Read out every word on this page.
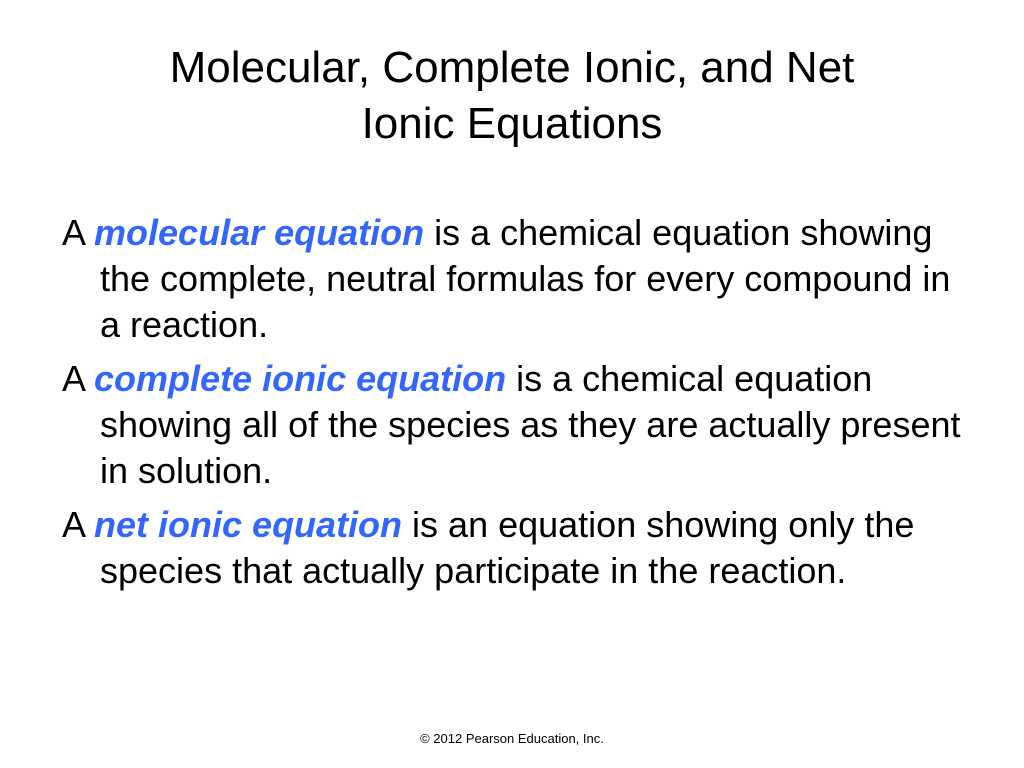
Molecular, Complete Ionic, and Net
Ionic Equations

A molecular equation is a chemical equation showing the complete, neutral formulas for every compound in a reaction.

A complete ionic equation is a chemical equation showing all of the species as they are actually present in solution.

A net ionic equation is an equation showing only the species that actually participate in the reaction.

© 2012 Pearson Education, Inc.
